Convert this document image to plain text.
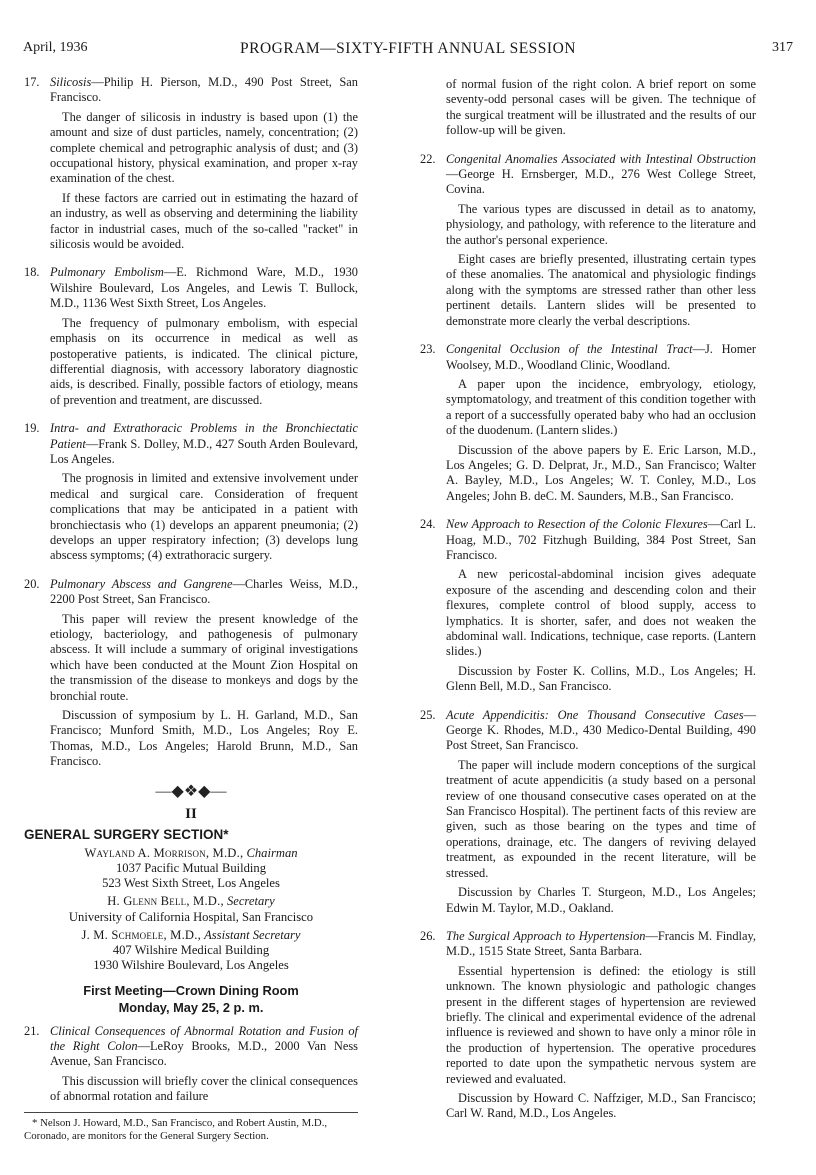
April, 1936	PROGRAM—SIXTY-FIFTH ANNUAL SESSION	317
17. Silicosis—Philip H. Pierson, M.D., 490 Post Street, San Francisco.

The danger of silicosis in industry is based upon (1) the amount and size of dust particles, namely, concentration; (2) complete chemical and petrographic analysis of dust; and (3) occupational history, physical examination, and proper x-ray examination of the chest.

If these factors are carried out in estimating the hazard of an industry, as well as observing and determining the liability factor in industrial cases, much of the so-called "racket" in silicosis would be avoided.

18. Pulmonary Embolism—E. Richmond Ware, M.D., 1930 Wilshire Boulevard, Los Angeles, and Lewis T. Bullock, M.D., 1136 West Sixth Street, Los Angeles.

The frequency of pulmonary embolism, with especial emphasis on its occurrence in medical as well as postoperative patients, is indicated. The clinical picture, differential diagnosis, with accessory laboratory diagnostic aids, is described. Finally, possible factors of etiology, means of prevention and treatment, are discussed.

19. Intra- and Extrathoracic Problems in the Bronchiectatic Patient—Frank S. Dolley, M.D., 427 South Arden Boulevard, Los Angeles.

The prognosis in limited and extensive involvement under medical and surgical care. Consideration of frequent complications that may be anticipated in a patient with bronchiectasis who (1) develops an apparent pneumonia; (2) develops an upper respiratory infection; (3) develops lung abscess symptoms; (4) extrathoracic surgery.

20. Pulmonary Abscess and Gangrene—Charles Weiss, M.D., 2200 Post Street, San Francisco.

This paper will review the present knowledge of the etiology, bacteriology, and pathogenesis of pulmonary abscess. It will include a summary of original investigations which have been conducted at the Mount Zion Hospital on the transmission of the disease to monkeys and dogs by the bronchial route.

Discussion of symposium by L. H. Garland, M.D., San Francisco; Munford Smith, M.D., Los Angeles; Roy E. Thomas, M.D., Los Angeles; Harold Brunn, M.D., San Francisco.

—◆❖◆—
II
GENERAL SURGERY SECTION*
Wayland A. Morrison, M.D., Chairman
1037 Pacific Mutual Building
523 West Sixth Street, Los Angeles
H. Glenn Bell, M.D., Secretary
University of California Hospital, San Francisco
J. M. Schmoele, M.D., Assistant Secretary
407 Wilshire Medical Building
1930 Wilshire Boulevard, Los Angeles
First Meeting—Crown Dining Room
Monday, May 25, 2 p. m.
21. Clinical Consequences of Abnormal Rotation and Fusion of the Right Colon—LeRoy Brooks, M.D., 2000 Van Ness Avenue, San Francisco.

This discussion will briefly cover the clinical consequences of abnormal rotation and failure

* Nelson J. Howard, M.D., San Francisco, and Robert Austin, M.D., Coronado, are monitors for the General Surgery Section.

of normal fusion of the right colon. A brief report on some seventy-odd personal cases will be given. The technique of the surgical treatment will be illustrated and the results of our follow-up will be given.

22. Congenital Anomalies Associated with Intestinal Obstruction—George H. Ernsberger, M.D., 276 West College Street, Covina.

The various types are discussed in detail as to anatomy, physiology, and pathology, with reference to the literature and the author's personal experience.

Eight cases are briefly presented, illustrating certain types of these anomalies. The anatomical and physiologic findings along with the symptoms are stressed rather than other less pertinent details. Lantern slides will be presented to demonstrate more clearly the verbal descriptions.

23. Congenital Occlusion of the Intestinal Tract—J. Homer Woolsey, M.D., Woodland Clinic, Woodland.

A paper upon the incidence, embryology, etiology, symptomatology, and treatment of this condition together with a report of a successfully operated baby who had an occlusion of the duodenum. (Lantern slides.)

Discussion of the above papers by E. Eric Larson, M.D., Los Angeles; G. D. Delprat, Jr., M.D., San Francisco; Walter A. Bayley, M.D., Los Angeles; W. T. Conley, M.D., Los Angeles; John B. deC. M. Saunders, M.B., San Francisco.

24. New Approach to Resection of the Colonic Flexures—Carl L. Hoag, M.D., 702 Fitzhugh Building, 384 Post Street, San Francisco.

A new pericostal-abdominal incision gives adequate exposure of the ascending and descending colon and their flexures, complete control of blood supply, access to lymphatics. It is shorter, safer, and does not weaken the abdominal wall. Indications, technique, case reports. (Lantern slides.)

Discussion by Foster K. Collins, M.D., Los Angeles; H. Glenn Bell, M.D., San Francisco.

25. Acute Appendicitis: One Thousand Consecutive Cases—George K. Rhodes, M.D., 430 Medico-Dental Building, 490 Post Street, San Francisco.

The paper will include modern conceptions of the surgical treatment of acute appendicitis (a study based on a personal review of one thousand consecutive cases operated on at the San Francisco Hospital). The pertinent facts of this review are given, such as those bearing on the types and time of operations, drainage, etc. The dangers of reviving delayed treatment, as expounded in the recent literature, will be stressed.

Discussion by Charles T. Sturgeon, M.D., Los Angeles; Edwin M. Taylor, M.D., Oakland.

26. The Surgical Approach to Hypertension—Francis M. Findlay, M.D., 1515 State Street, Santa Barbara.

Essential hypertension is defined: the etiology is still unknown. The known physiologic and pathologic changes present in the different stages of hypertension are reviewed briefly. The clinical and experimental evidence of the adrenal influence is reviewed and shown to have only a minor rôle in the production of hypertension. The operative procedures reported to date upon the sympathetic nervous system are reviewed and evaluated.

Discussion by Howard C. Naffziger, M.D., San Francisco; Carl W. Rand, M.D., Los Angeles.
